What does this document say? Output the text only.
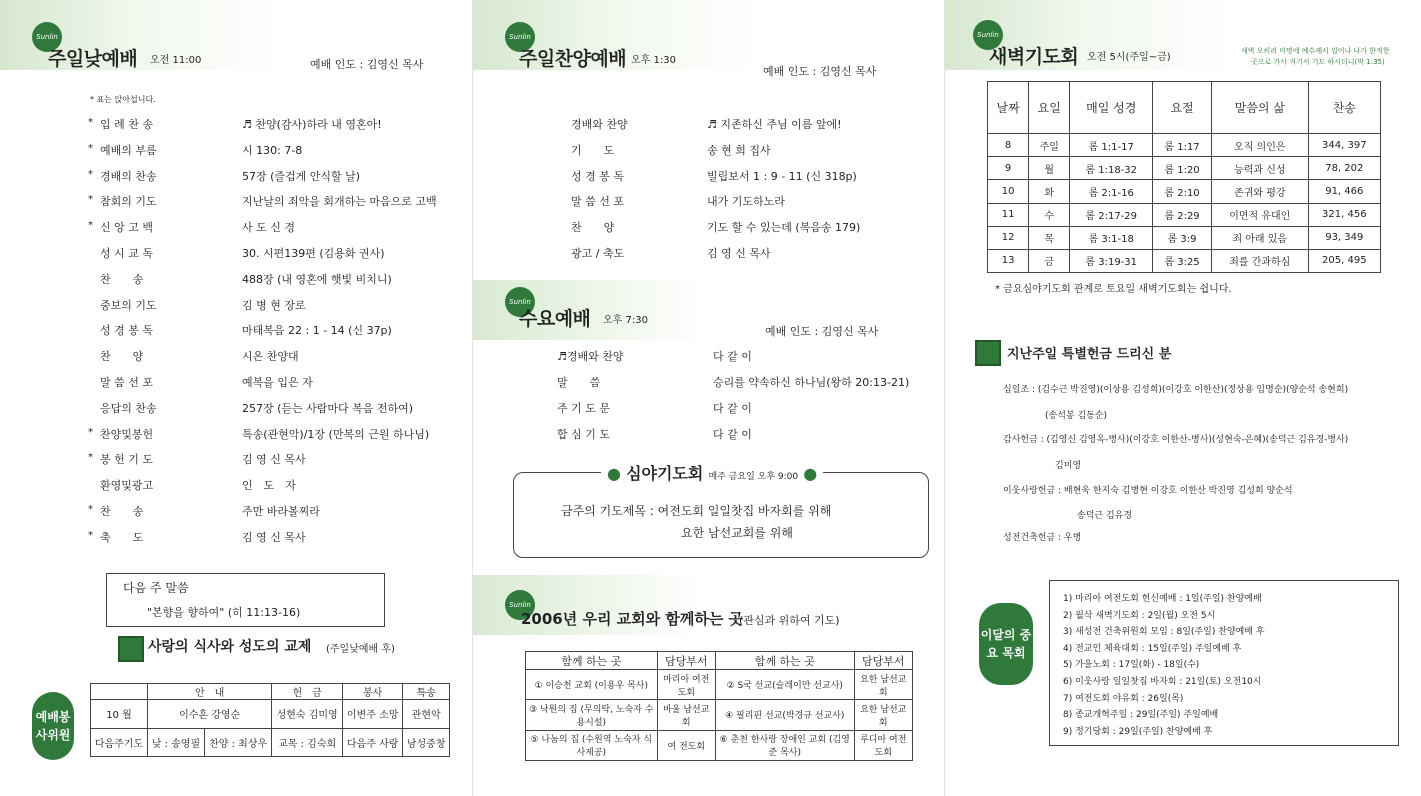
Sunlin
주일낮예배 오전 11:00	예배 인도 : 김영신 목사
* 표는 앉아섭니다.
다음 주 말씀
"본향을 향하여" (히 11:13-16)
사랑의 식사와 성도의 교제 (주일낮예배 후)
예배봉사위원
	안　내		헌　금	봉사	특송
10 월	이수흔 강영순		성현숙 김미영	이변주 소망	관현악
다음주기도	낮 : 송영필	찬양 : 최상우	교목 : 김숙희	다음주 사랑	남성중창
* 입 례 찬 송	♬ 찬양(감사)하라 내 영혼아!
* 예배의 부름	시 130: 7-8
* 경배의 찬송	57장 (즐겁게 안식할 날)
* 참회의 기도	지난날의 죄악을 회개하는 마음으로 고백
* 신 앙 고 백	사 도 신 경
성 시 교 독	30. 시편139편 (김용화 권사)
찬　　송	488장 (내 영혼에 햇빛 비치니)
중보의 기도	김 병 현 장로
성 경 봉 독	마태복음 22 : 1 - 14 (신 37p)
찬　　양	시온 찬양대
말 씀 선 포	예복을 입은 자
응답의 찬송	257장 (듣는 사람마다 복음 전하여)
* 찬양및봉헌	특송(관현악)/1장 (만복의 근원 하나님)
* 봉 헌 기 도	김 영 신 목사
환영및광고	인　도　자
* 찬　　송	주만 바라볼찌라
* 축　　도	김 영 신 목사
Sunlin
주일찬양예배 오후 1:30
예배 인도 : 김영신 목사
Sunlin
수요예배 오후 7:30
예배 인도 : 김영신 목사
● 심야기도회 매주 금요일 오후 9:00 ●
금주의 기도제목 : 여전도회 일일찻집 바자회를 위해
요한 남선교회를 위해
Sunlin
2006년 우리 교회와 함께하는 곳
(관심과 위하여 기도)
함께 하는 곳	담당부서	함께 하는 곳	담당부서
① 이승천 교회 (이용우 목사)	마리아 여전도회	② S국 선교(슬레이만 선교사)	요한 남선교회
③ 낙원의 집 (무의탁, 노숙자 수용시설)	바울 남선교회	④ 필리핀 선교(박경규 선교사)	요한 남선교회
⑤ 나눔의 집 (수원역 노숙자 식사제공)	여 전도회	⑥ 춘천 한사랑 장애인 교회 (김영준 목사)	루디아 여전도회
경배와 찬양	♬ 지존하신 주님 이름 앞에!
기　　도	송 현 희 집사
성 경 봉 독	빌립보서 1 : 9 - 11 (신 318p)
말 씀 선 포	내가 기도하노라
찬　　양	기도 할 수 있는데 (복음송 179)
광고 / 축도	김 영 신 목사
♬경배와 찬양	다 같 이
말　　씀	승리를 약속하신 하나님(왕하 20:13-21)
주 기 도 문	다 같 이
합 심 기 도	다 같 이
Sunlin
새벽기도회 오전 5시(주일~금)
새벽 오히려 미명에 예수께서 일어나 나가 한적한
곳으로 가사 거기서 기도 하시더니(막 1:35)
날짜	요일	매일 성경	요절	말씀의 삶	찬송
8	주일	롬 1:1-17	롬 1:17	오직 의인은	344, 397
9	월	롬 1:18-32	롬 1:20	능력과 신성	78, 202
10	화	롬 2:1-16	롬 2:10	존귀와 평강	91, 466
11	수	롬 2:17-29	롬 2:29	이면적 유대인	321, 456
12	목	롬 3:1-18	롬 3:9	죄 아래 있음	93, 349
13	금	롬 3:19-31	롬 3:25	죄를 간과하심	205, 495
* 금요심야기도회 관계로 토요일 새벽기도회는 쉽니다.
지난주일 특별헌금 드리신 분
이달의 중요 목회
십일조 : (김수근 박진영)(이상용 김성희)(이강호 이한산)(정상용 임명순)(양순석 송현희)
(송석봉 김동순)
감사헌금 : (김영신 김영옥-병사)(이강호 이한산-병사)(성현숙-은혜)(송덕근 김유경-병사)
김미영
이웃사랑헌금 : 배현욱 한지숙 김병현 이강호 이한산 박진영 김성희 양순석
송덕근 김유경
성전건축헌금 : 우병
1) 마리아 여전도회 헌신예배 : 1일(주일) 찬양예배
2) 월삭 새벽기도회 : 2일(월) 오전 5시
3) 새성전 건축위원회 모임 : 8일(주일) 찬양예배 후
4) 전교인 체육대회 : 15일(주일) 주일예배 후
5) 가을노회 : 17일(화) - 18일(수)
6) 이웃사랑 일일찻집 바자회 : 21일(토) 오전10시
7) 여전도회 야유회 : 26일(목)
8) 종교개혁주일 : 29일(주일) 주일예배
9) 정기당회 : 29일(주일) 찬양예배 후
